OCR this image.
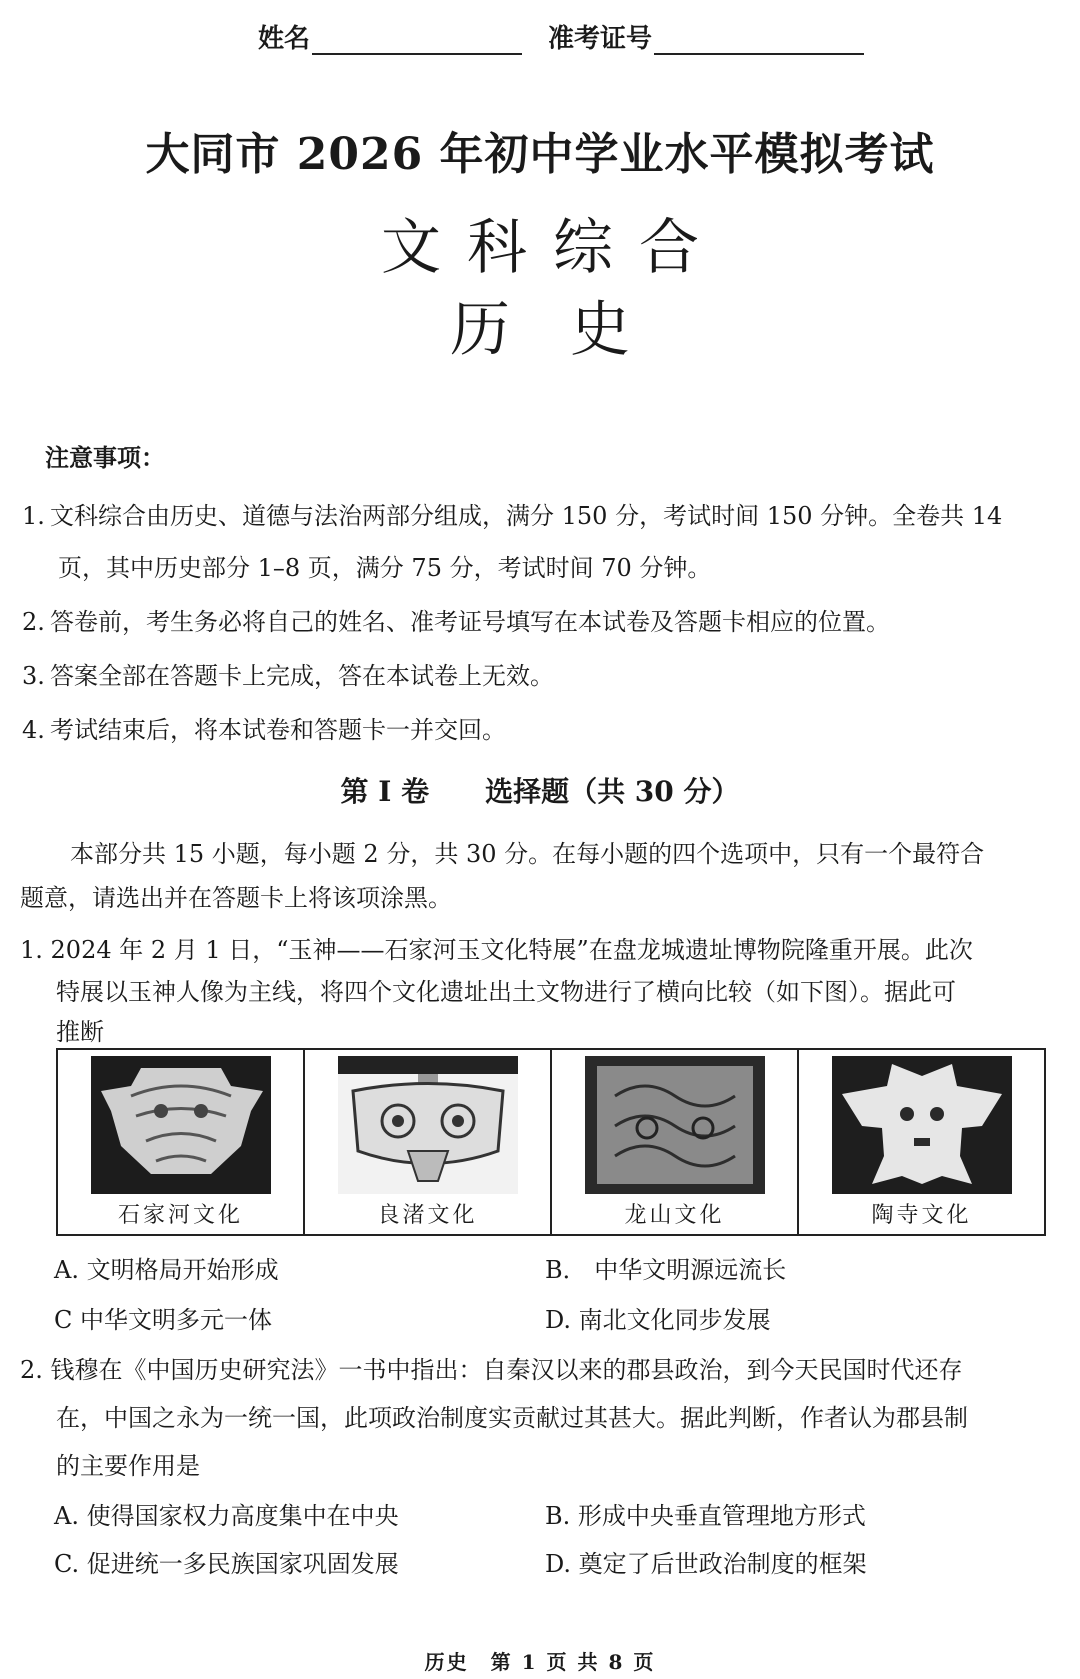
姓名	准考证号
大同市 2026 年初中学业水平模拟考试
文科综合
历史
注意事项：
1. 文科综合由历史、道德与法治两部分组成，满分 150 分，考试时间 150 分钟。全卷共 14
页，其中历史部分 1–8 页，满分 75 分，考试时间 70 分钟。
2. 答卷前，考生务必将自己的姓名、准考证号填写在本试卷及答题卡相应的位置。
3. 答案全部在答题卡上完成，答在本试卷上无效。
4. 考试结束后，将本试卷和答题卡一并交回。
第 I 卷　　选择题（共 30 分）
本部分共 15 小题，每小题 2 分，共 30 分。在每小题的四个选项中，只有一个最符合
题意，请选出并在答题卡上将该项涂黑。
1. 2024 年 2 月 1 日，“玉神——石家河玉文化特展”在盘龙城遗址博物院隆重开展。此次
特展以玉神人像为主线，将四个文化遗址出土文物进行了横向比较（如下图）。据此可
推断
石家河文化	良渚文化	龙山文化	陶寺文化
A. 文明格局开始形成	B． 中华文明源远流长
C 中华文明多元一体	D. 南北文化同步发展
2. 钱穆在《中国历史研究法》一书中指出：自秦汉以来的郡县政治，到今天民国时代还存
在，中国之永为一统一国，此项政治制度实贡献过其甚大。据此判断，作者认为郡县制
的主要作用是
A. 使得国家权力高度集中在中央	B. 形成中央垂直管理地方形式
C. 促进统一多民族国家巩固发展	D. 奠定了后世政治制度的框架
历史　第 1 页 共 8 页
